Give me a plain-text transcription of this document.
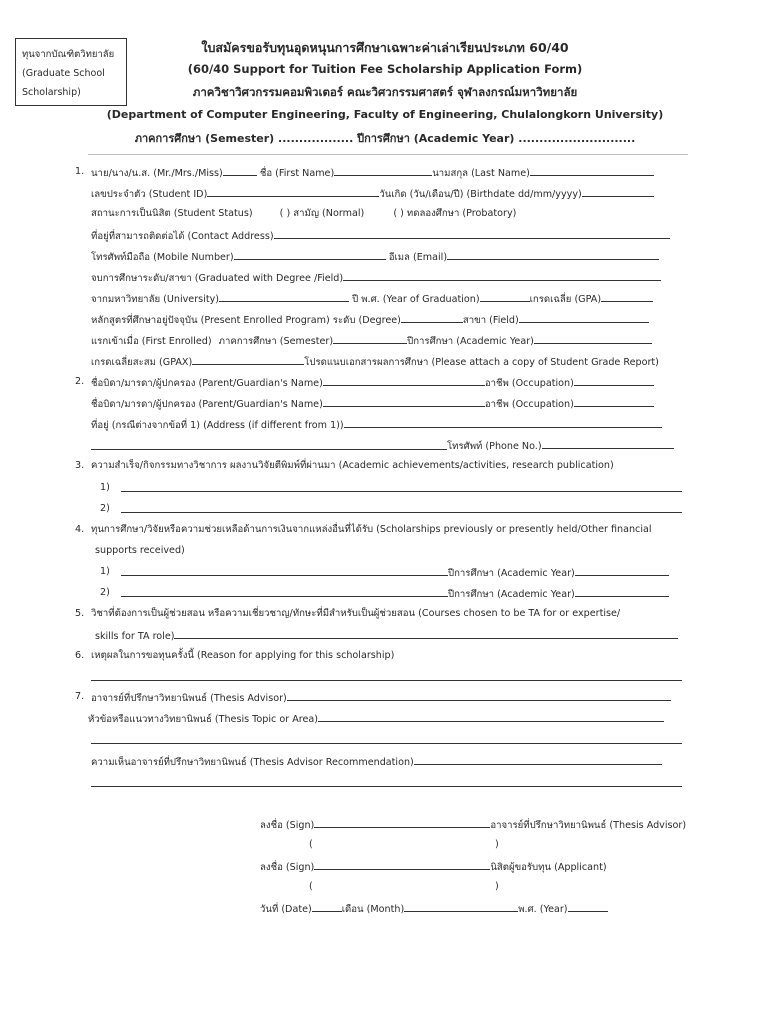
ทุนจากบัณฑิตวิทยาลัย
(Graduate School
Scholarship)
ใบสมัครขอรับทุนอุดหนุนการศึกษาเฉพาะค่าเล่าเรียนประเภท 60/40
(60/40 Support for Tuition Fee Scholarship Application Form)
ภาควิชาวิศวกรรมคอมพิวเตอร์ คณะวิศวกรรมศาสตร์ จุฬาลงกรณ์มหาวิทยาลัย
(Department of Computer Engineering, Faculty of Engineering, Chulalongkorn University)
ภาคการศึกษา (Semester) .................. ปีการศึกษา (Academic Year) ............................
1. นาย/นาง/น.ส. (Mr./Mrs./Miss)	ชื่อ (First Name)	นามสกุล (Last Name)
เลขประจำตัว (Student ID)	วันเกิด (วัน/เดือน/ปี) (Birthdate dd/mm/yyyy)
สถานะการเป็นนิสิต (Student Status)	( ) สามัญ (Normal)	( ) ทดลองศึกษา (Probatory)
ที่อยู่ที่สามารถติดต่อได้ (Contact Address)
โทรศัพท์มือถือ (Mobile Number)	อีเมล (Email)
จบการศึกษาระดับ/สาขา (Graduated with Degree /Field)
จากมหาวิทยาลัย (University)	ปี พ.ศ. (Year of Graduation)	เกรดเฉลี่ย (GPA)
หลักสูตรที่ศึกษาอยู่ปัจจุบัน (Present Enrolled Program) ระดับ (Degree)	สาขา (Field)
แรกเข้าเมื่อ (First Enrolled) ภาคการศึกษา (Semester)	ปีการศึกษา (Academic Year)
เกรดเฉลี่ยสะสม (GPAX)	โปรดแนบเอกสารผลการศึกษา (Please attach a copy of Student Grade Report)
2. ชื่อบิดา/มารดา/ผู้ปกครอง (Parent/Guardian's Name)	อาชีพ (Occupation)
ชื่อบิดา/มารดา/ผู้ปกครอง (Parent/Guardian's Name)	อาชีพ (Occupation)
ที่อยู่ (กรณีต่างจากข้อที่ 1) (Address (if different from 1))
โทรศัพท์ (Phone No.)
3. ความสำเร็จ/กิจกรรมทางวิชาการ ผลงานวิจัยตีพิมพ์ที่ผ่านมา (Academic achievements/activities, research publication)
1)
2)
4. ทุนการศึกษา/วิจัยหรือความช่วยเหลือด้านการเงินจากแหล่งอื่นที่ได้รับ (Scholarships previously or presently held/Other financial
supports received)
1)	ปีการศึกษา (Academic Year)
2)	ปีการศึกษา (Academic Year)
5. วิชาที่ต้องการเป็นผู้ช่วยสอน หรือความเชี่ยวชาญ/ทักษะที่มีสำหรับเป็นผู้ช่วยสอน (Courses chosen to be TA for or expertise/
skills for TA role)
6. เหตุผลในการขอทุนครั้งนี้ (Reason for applying for this scholarship)
7. อาจารย์ที่ปรึกษาวิทยานิพนธ์ (Thesis Advisor)
หัวข้อหรือแนวทางวิทยานิพนธ์ (Thesis Topic or Area)
ความเห็นอาจารย์ที่ปรึกษาวิทยานิพนธ์ (Thesis Advisor Recommendation)
ลงชื่อ (Sign)	อาจารย์ที่ปรึกษาวิทยานิพนธ์ (Thesis Advisor)
(	)
ลงชื่อ (Sign)	นิสิตผู้ขอรับทุน (Applicant)
(	)
วันที่ (Date)	เดือน (Month)	พ.ศ. (Year)
